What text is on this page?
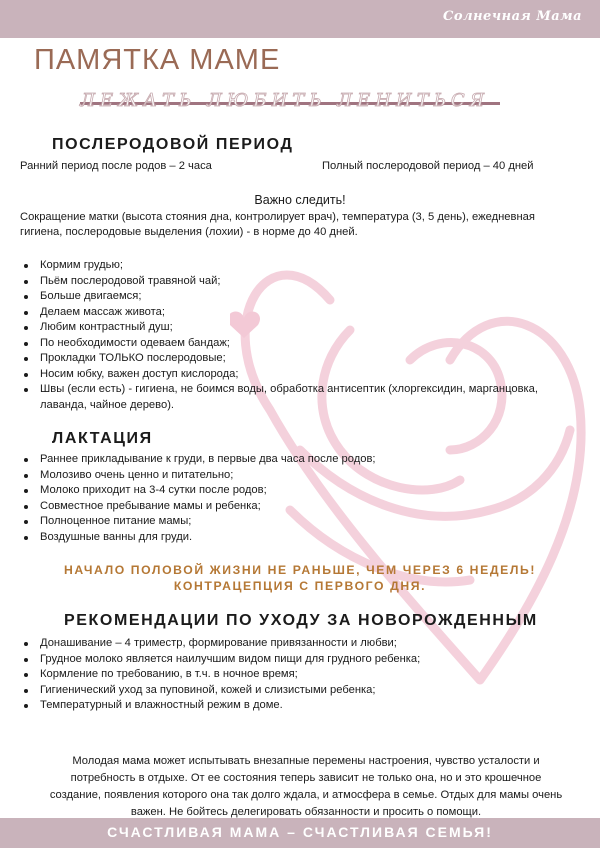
Солнечная Мама
ПАМЯТКА МАМЕ
ЛЕЖАТЬ ЛЮБИТЬ ЛЕНИТЬСЯ
ПОСЛЕРОДОВОЙ ПЕРИОД

Ранний период после родов – 2 часа	Полный послеродовой период – 40 дней

Важно следить!

Сокращение матки (высота стояния дна, контролирует врач), температура (3, 5 день), ежедневная гигиена, послеродовые выделения (лохии) - в норме до 40 дней.

Кормим грудью;
Пьём послеродовой травяной чай;
Больше двигаемся;
Делаем массаж живота;
Любим контрастный душ;
По необходимости одеваем бандаж;
Прокладки ТОЛЬКО послеродовые;
Носим юбку, важен доступ кислорода;
Швы (если есть) - гигиена, не боимся воды, обработка антисептик (хлоргексидин, марганцовка, лаванда, чайное дерево).
ЛАКТАЦИЯ
Раннее прикладывание к груди, в первые два часа после родов;
Молозиво очень ценно и питательно;
Молоко приходит на 3-4 сутки после родов;
Совместное пребывание мамы и ребенка;
Полноценное питание мамы;
Воздушные ванны для груди.
НАЧАЛО ПОЛОВОЙ ЖИЗНИ НЕ РАНЬШЕ, ЧЕМ ЧЕРЕЗ 6 НЕДЕЛЬ!
КОНТРАЦЕПЦИЯ С ПЕРВОГО ДНЯ.
РЕКОМЕНДАЦИИ ПО УХОДУ ЗА НОВОРОЖДЕННЫМ
Донашивание – 4 триместр, формирование привязанности и любви;
Грудное молоко является наилучшим видом пищи для грудного ребенка;
Кормление по требованию, в т.ч. в ночное время;
Гигиенический уход за пуповиной, кожей и слизистыми ребенка;
Температурный и влажностный режим в доме.

Молодая мама может испытывать внезапные перемены настроения, чувство усталости и потребность в отдыхе. От ее состояния теперь зависит не только она, но и это крошечное создание, появления которого она так долго ждала, и атмосфера в семье. Отдых для мамы очень важен. Не бойтесь делегировать обязанности и просить о помощи.

СЧАСТЛИВАЯ МАМА – СЧАСТЛИВАЯ СЕМЬЯ!
